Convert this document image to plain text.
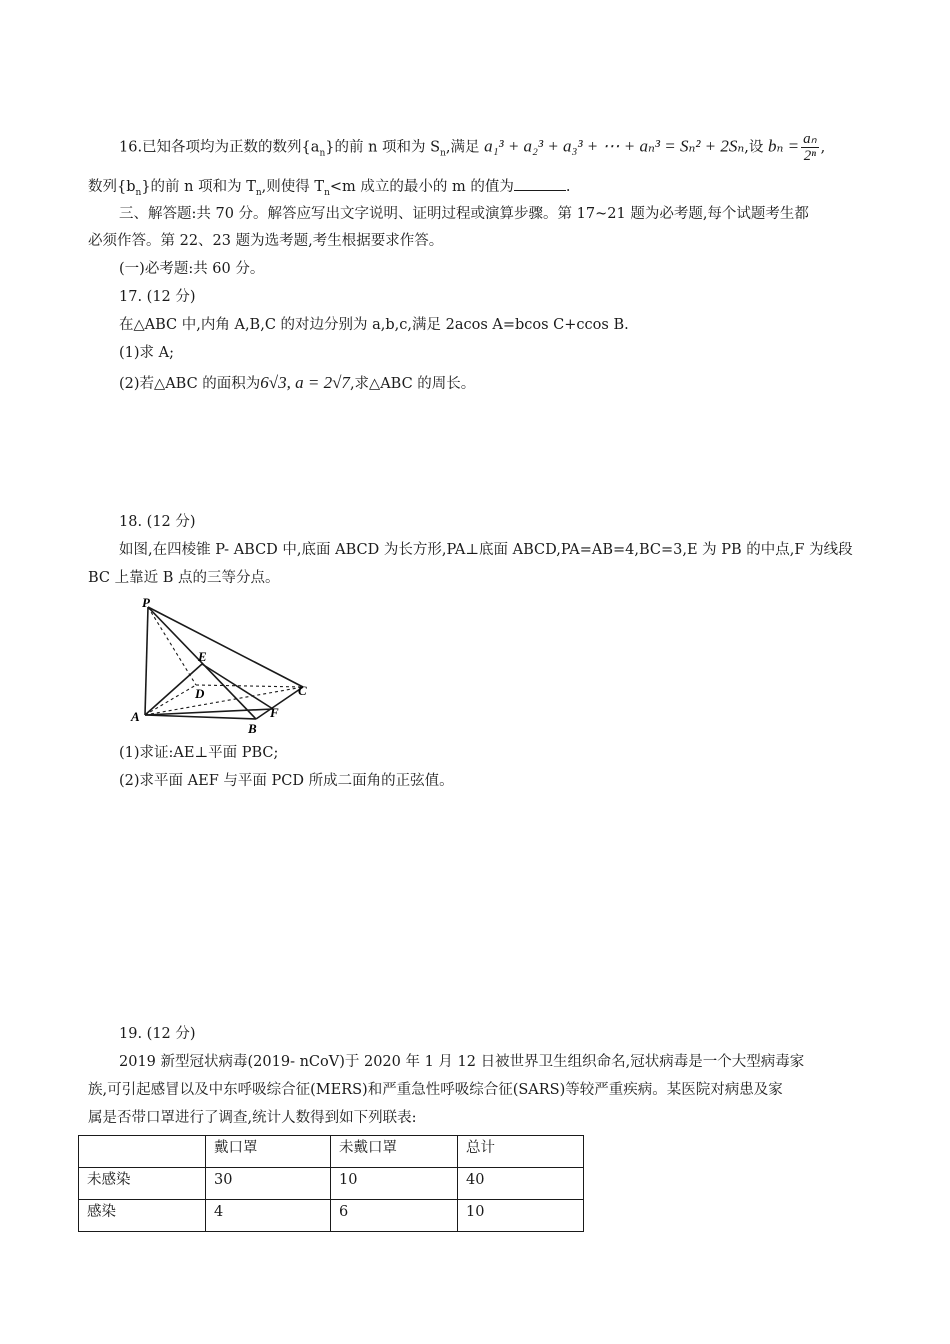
16.已知各项均为正数的数列$\{a_n\}$的前 n 项和为 $S_n$,满足 a₁³ + a₂³ + a₃³ + ⋯ + aₙ³ = Sₙ² + 2Sₙ,设 $b_n = \frac{\text{aₙ}}{\text{2ⁿ}}$ ,
数列$\{b_n\}$的前 n 项和为 $T_n$,则使得 $T_n<m$ 成立的最小的 m 的值为	.
三、解答题:共 70 分。解答应写出文字说明、证明过程或演算步骤。第 17~21 题为必考题,每个试题考生都
必须作答。第 22、23 题为选考题,考生根据要求作答。
(一)必考题:共 60 分。
17. (12 分)
在△ABC 中,内角 A,B,C 的对边分别为 a,b,c,满足 2acos A=bcos C+ccos B.
(1)求 A;
(2)若△ABC 的面积为6√3, a = 2√7,求△ABC 的周长。
18. (12 分)
如图,在四棱锥 P- ABCD 中,底面 ABCD 为长方形,PA⊥底面 ABCD,PA=AB=4,BC=3,E 为 PB 的中点,F 为线段
BC 上靠近 B 点的三等分点。
P
A
B
C
D
E
F
(1)求证:AE⊥平面 PBC;
(2)求平面 AEF 与平面 PCD 所成二面角的正弦值。
19. (12 分)
2019 新型冠状病毒(2019- nCoV)于 2020 年 1 月 12 日被世界卫生组织命名,冠状病毒是一个大型病毒家
族,可引起感冒以及中东呼吸综合征(MERS)和严重急性呼吸综合征(SARS)等较严重疾病。某医院对病患及家
属是否带口罩进行了调查,统计人数得到如下列联表:
	戴口罩	未戴口罩	总计
未感染	30	10	40
感染	4	6	10
